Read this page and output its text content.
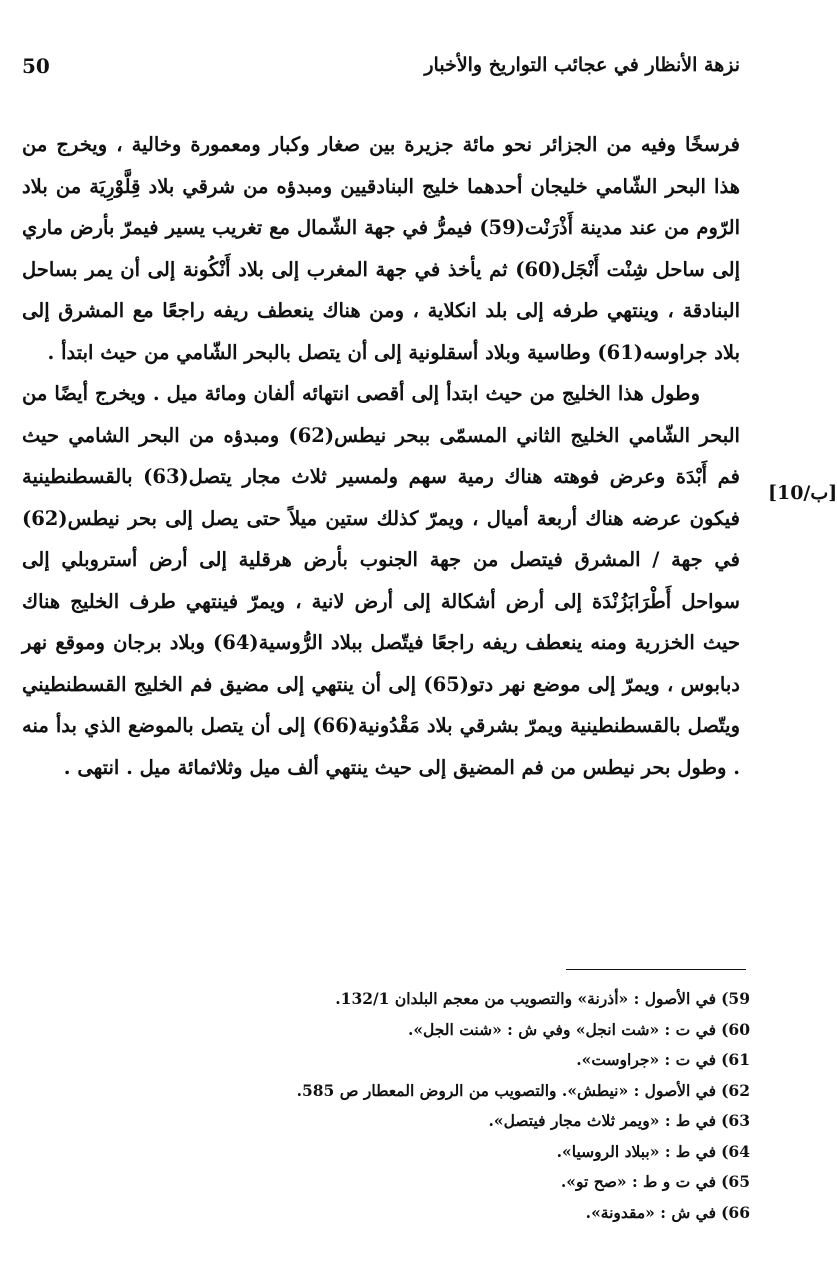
نزهة الأنظار في عجائب التواريخ والأخبار
50

فرسخًا وفيه من الجزائر نحو مائة جزيرة بين صغار وكبار ومعمورة وخالية ، ويخرج من هذا البحر الشّامي خليجان أحدهما خليج البنادقيين ومبدؤه من شرقي بلاد قِلَّوْرِيَة من بلاد الرّوم من عند مدينة أَذْرَنْت(59) فيمرُّ في جهة الشّمال مع تغريب يسير فيمرّ بأرض ماري إلى ساحل شِنْت أَنْجَل(60) ثم يأخذ في جهة المغرب إلى بلاد أَنْكُونة إلى أن يمر بساحل البنادقة ، وينتهي طرفه إلى بلد انكلاية ، ومن هناك ينعطف ريفه راجعًا مع المشرق إلى بلاد جراوسه(61) وطاسية وبلاد أسقلونية إلى أن يتصل بالبحر الشّامي من حيث ابتدأ .

وطول هذا الخليج من حيث ابتدأ إلى أقصى انتهائه ألفان ومائة ميل . ويخرج أيضًا من البحر الشّامي الخليج الثاني المسمّى ببحر نيطس(62) ومبدؤه من البحر الشامي حيث فم أَبْدَة وعرض فوهته هناك رمية سهم ولمسير ثلاث مجار يتصل(63) بالقسطنطينية فيكون عرضه هناك أربعة أميال ، ويمرّ كذلك ستين ميلاً حتى يصل إلى بحر نيطس(62) في جهة / المشرق فيتصل من جهة الجنوب بأرض هرقلية إلى أرض أستروبلي إلى سواحل أَطْرَابَزُنْدَة إلى أرض أشكالة إلى أرض لانية ، ويمرّ فينتهي طرف الخليج هناك حيث الخزرية ومنه ينعطف ريفه راجعًا فيتّصل ببلاد الرُّوسية(64) وبلاد برجان وموقع نهر دبابوس ، ويمرّ إلى موضع نهر دتو(65) إلى أن ينتهي إلى مضيق فم الخليج القسطنطيني ويتّصل بالقسطنطينية ويمرّ بشرقي بلاد مَقْدُونية(66) إلى أن يتصل بالموضع الذي بدأ منه . وطول بحر نيطس من فم المضيق إلى حيث ينتهي ألف ميل وثلاثمائة ميل . انتهى .

[10/ب]
59)في الأصول : «أذرنة» والتصويب من معجم البلدان 132/1.
60)في ت : «شت انجل» وفي ش : «شنت الجل».
61)في ت : «جراوست».
62)في الأصول : «نيطش». والتصويب من الروض المعطار ص 585.
63)في ط : «ويمر ثلاث مجار فيتصل».
64)في ط : «ببلاد الروسيا».
65)في ت و ط : «صح تو».
66)في ش : «مقدونة».
